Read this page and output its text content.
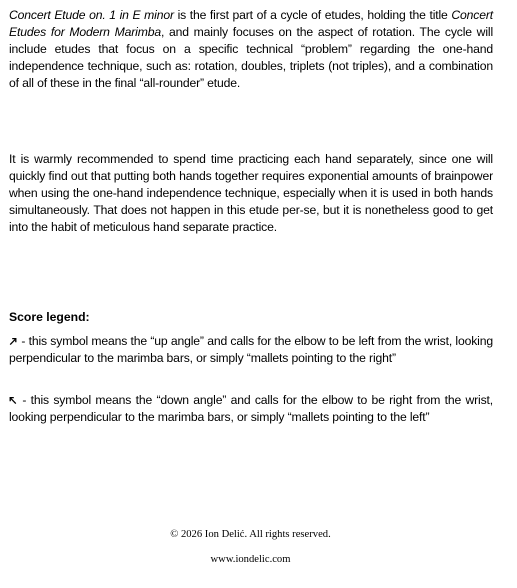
Concert Etude on. 1 in E minor is the first part of a cycle of etudes, holding the title Concert Etudes for Modern Marimba, and mainly focuses on the aspect of rotation. The cycle will include etudes that focus on a specific technical “problem” regarding the one-hand independence technique, such as: rotation, doubles, triplets (not triples), and a combination of all of these in the final “all-rounder” etude.

It is warmly recommended to spend time practicing each hand separately, since one will quickly find out that putting both hands together requires exponential amounts of brainpower when using the one-hand independence technique, especially when it is used in both hands simultaneously. That does not happen in this etude per-se, but it is nonetheless good to get into the habit of meticulous hand separate practice.

Score legend:

- this symbol means the “up angle” and calls for the elbow to be left from the wrist, looking perpendicular to the marimba bars, or simply “mallets pointing to the right”

- this symbol means the “down angle” and calls for the elbow to be right from the wrist, looking perpendicular to the marimba bars, or simply “mallets pointing to the left”

© 2026 Ion Delić. All rights reserved.

www.iondelic.com
